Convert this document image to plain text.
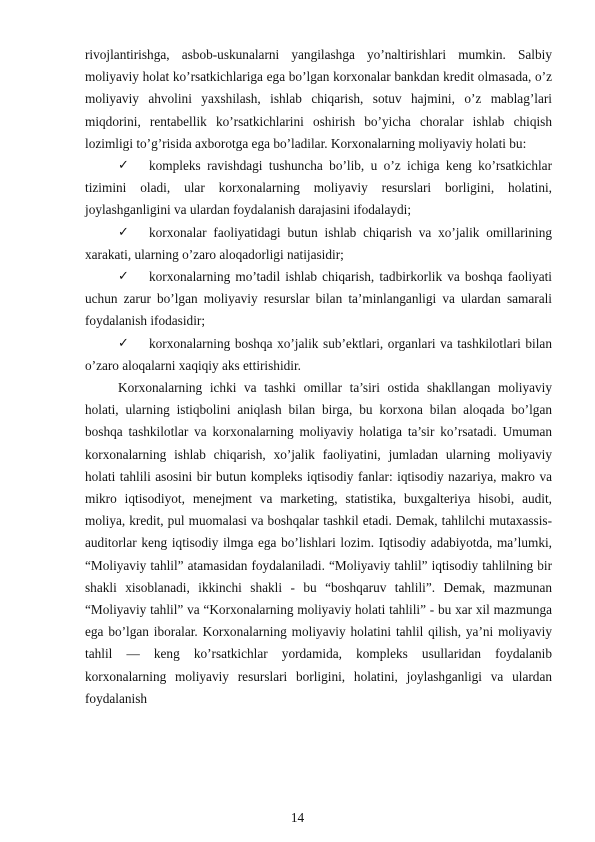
rivojlantirishga, asbob-uskunalarni yangilashga yo’naltirishlari mumkin. Salbiy moliyaviy holat ko’rsatkichlariga ega bo’lgan korxonalar bankdan kredit olmasada, o’z moliyaviy ahvolini yaxshilash, ishlab chiqarish, sotuv hajmini, o’z mablag’lari miqdorini, rentabellik ko’rsatkichlarini oshirish bo’yicha choralar ishlab chiqish lozimligi to’g’risida axborotga ega bo’ladilar. Korxonalarning moliyaviy holati bu:

✓ kompleks ravishdagi tushuncha bo’lib, u o’z ichiga keng ko’rsatkichlar tizimini oladi, ular korxonalarning moliyaviy resurslari borligini, holatini, joylashganligini va ulardan foydalanish darajasini ifodalaydi;

✓ korxonalar faoliyatidagi butun ishlab chiqarish va xo’jalik omillarining xarakati, ularning o’zaro aloqadorligi natijasidir;

✓ korxonalarning mo’tadil ishlab chiqarish, tadbirkorlik va boshqa faoliyati uchun zarur bo’lgan moliyaviy resurslar bilan ta’minlanganligi va ulardan samarali foydalanish ifodasidir;

✓ korxonalarning boshqa xo’jalik sub’ektlari, organlari va tashkilotlari bilan o’zaro aloqalarni xaqiqiy aks ettirishidir.

Korxonalarning ichki va tashki omillar ta’siri ostida shakllangan moliyaviy holati, ularning istiqbolini aniqlash bilan birga, bu korxona bilan aloqada bo’lgan boshqa tashkilotlar va korxonalarning moliyaviy holatiga ta’sir ko’rsatadi. Umuman korxonalarning ishlab chiqarish, xo’jalik faoliyatini, jumladan ularning moliyaviy holati tahlili asosini bir butun kompleks iqtisodiy fanlar: iqtisodiy nazariya, makro va mikro iqtisodiyot, menejment va marketing, statistika, buxgalteriya hisobi, audit, moliya, kredit, pul muomalasi va boshqalar tashkil etadi. Demak, tahlilchi mutaxassis-auditorlar keng iqtisodiy ilmga ega bo’lishlari lozim. Iqtisodiy adabiyotda, ma’lumki, “Moliyaviy tahlil” atamasidan foydalaniladi. “Moliyaviy tahlil” iqtisodiy tahlilning bir shakli xisoblanadi, ikkinchi shakli - bu “boshqaruv tahlili”. Demak, mazmunan “Moliyaviy tahlil” va “Korxonalarning moliyaviy holati tahlili” - bu xar xil mazmunga ega bo’lgan iboralar. Korxonalarning moliyaviy holatini tahlil qilish, ya’ni moliyaviy tahlil — keng ko’rsatkichlar yordamida, kompleks usullaridan foydalanib korxonalarning moliyaviy resurslari borligini, holatini, joylashganligi va ulardan foydalanish

14
